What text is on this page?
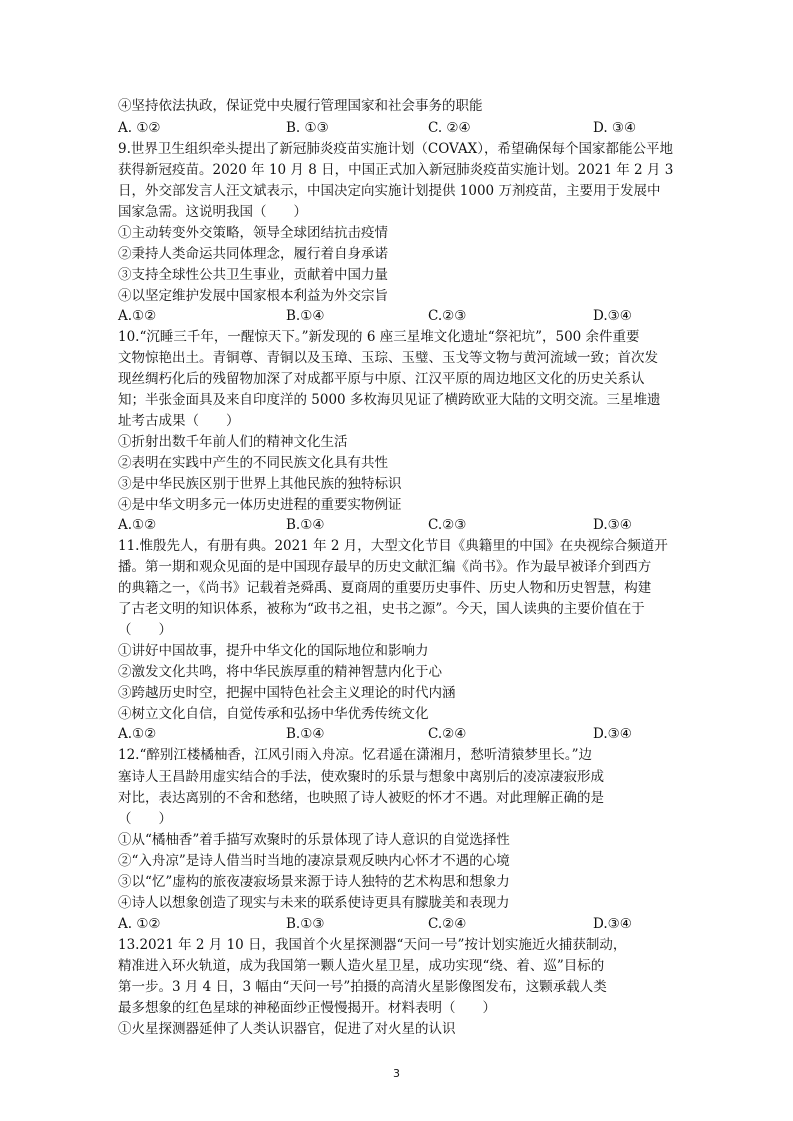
④坚持依法执政，保证党中央履行管理国家和社会事务的职能
A. ①②	B. ①③	C. ②④	D. ③④
9.世界卫生组织牵头提出了新冠肺炎疫苗实施计划（COVAX），希望确保每个国家都能公平地
获得新冠疫苗。2020 年 10 月 8 日，中国正式加入新冠肺炎疫苗实施计划。2021 年 2 月 3
日，外交部发言人汪文斌表示，中国决定向实施计划提供 1000 万剂疫苗，主要用于发展中
国家急需。这说明我国（　　）
①主动转变外交策略，领导全球团结抗击疫情
②秉持人类命运共同体理念，履行着自身承诺
③支持全球性公共卫生事业，贡献着中国力量
④以坚定维护发展中国家根本利益为外交宗旨
A.①②	B.①④	C.②③	D.③④
10.“沉睡三千年，一醒惊天下。”新发现的 6 座三星堆文化遗址“祭祀坑”，500 余件重要
文物惊艳出土。青铜尊、青铜以及玉璋、玉琮、玉璧、玉戈等文物与黄河流域一致；首次发
现丝绸朽化后的残留物加深了对成都平原与中原、江汉平原的周边地区文化的历史关系认
知；半张金面具及来自印度洋的 5000 多枚海贝见证了横跨欧亚大陆的文明交流。三星堆遗
址考古成果（　　）
①折射出数千年前人们的精神文化生活
②表明在实践中产生的不同民族文化具有共性
③是中华民族区别于世界上其他民族的独特标识
④是中华文明多元一体历史进程的重要实物例证
A.①②	B.①④	C.②③	D.③④
11.惟殷先人，有册有典。2021 年 2 月，大型文化节目《典籍里的中国》在央视综合频道开
播。第一期和观众见面的是中国现存最早的历史文献汇编《尚书》。作为最早被译介到西方
的典籍之一，《尚书》记载着尧舜禹、夏商周的重要历史事件、历史人物和历史智慧，构建
了古老文明的知识体系，被称为“政书之祖，史书之源”。今天，国人读典的主要价值在于
（　　）
①讲好中国故事，提升中华文化的国际地位和影响力
②激发文化共鸣，将中华民族厚重的精神智慧内化于心
③跨越历史时空，把握中国特色社会主义理论的时代内涵
④树立文化自信，自觉传承和弘扬中华优秀传统文化
A.①②	B.①④	C.②④	D.③④
12.“醉别江楼橘柚香，江风引雨入舟凉。忆君遥在潇湘月，愁听清猿梦里长。”边
塞诗人王昌龄用虚实结合的手法，使欢聚时的乐景与想象中离别后的凌凉凄寂形成
对比，表达离别的不舍和愁绪，也映照了诗人被贬的怀才不遇。对此理解正确的是
（　　）
①从“橘柚香”着手描写欢聚时的乐景体现了诗人意识的自觉选择性
②“入舟凉”是诗人借当时当地的凄凉景观反映内心怀才不遇的心境
③以“忆”虚构的旅夜凄寂场景来源于诗人独特的艺术构思和想象力
④诗人以想象创造了现实与未来的联系使诗更具有朦胧美和表现力
A. ①②	B.①③	C.②④	D.③④
13.2021 年 2 月 10 日，我国首个火星探测器“天问一号”按计划实施近火捕获制动，
精准进入环火轨道，成为我国第一颗人造火星卫星，成功实现“绕、着、巡”目标的
第一步。3 月 4 日，3 幅由“天问一号”拍摄的高清火星影像图发布，这颗承载人类
最多想象的红色星球的神秘面纱正慢慢揭开。材料表明（　　）
①火星探测器延伸了人类认识器官，促进了对火星的认识
3
